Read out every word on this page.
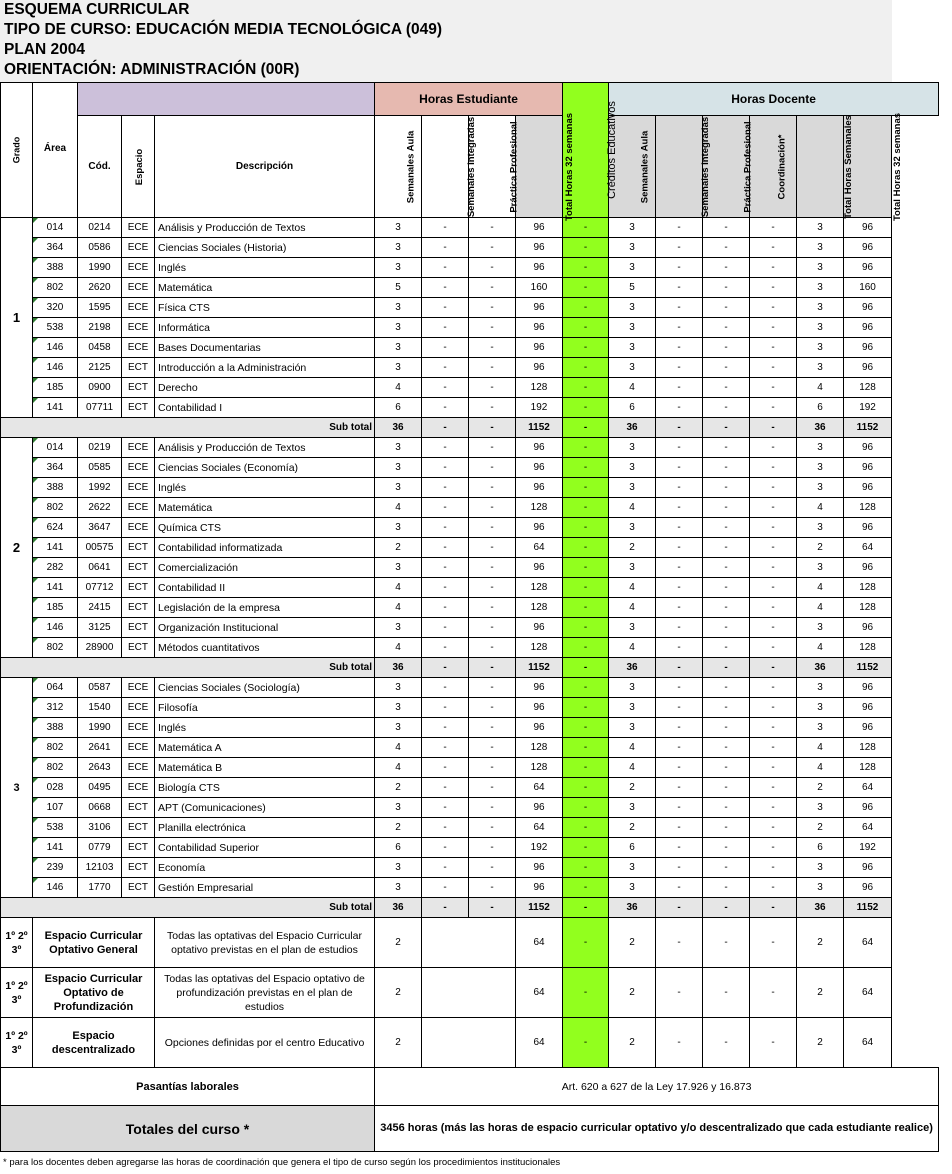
ESQUEMA CURRICULAR
TIPO DE CURSO: EDUCACIÓN MEDIA TECNOLÓGICA (049)
PLAN 2004
ORIENTACIÓN: ADMINISTRACIÓN (00R)
Grado	Área				Horas Estudiante				Créditos Educativos	Horas Docente					
		Cód.	Espacio	Descripción	Semanales Aula	Semanales Integradas	Práctica Profesional	Total Horas 32 semanas		Semanales Aula	Semanales Integradas	Práctica Profesional	Coordinación*	Total Horas Semanales	Total Horas 32 semanas
1	014	0214	ECE	Análisis y Producción de Textos	3	-	-	96	-	3	-	-	-	3	96
	364	0586	ECE	Ciencias Sociales (Historia)	3	-	-	96	-	3	-	-	-	3	96
	388	1990	ECE	Inglés	3	-	-	96	-	3	-	-	-	3	96
	802	2620	ECE	Matemática	5	-	-	160	-	5	-	-	-	3	160
	320	1595	ECE	Física CTS	3	-	-	96	-	3	-	-	-	3	96
	538	2198	ECE	Informática	3	-	-	96	-	3	-	-	-	3	96
	146	0458	ECE	Bases Documentarias	3	-	-	96	-	3	-	-	-	3	96
	146	2125	ECT	Introducción a la Administración	3	-	-	96	-	3	-	-	-	3	96
	185	0900	ECT	Derecho	4	-	-	128	-	4	-	-	-	4	128
	141	07711	ECT	Contabilidad I	6	-	-	192	-	6	-	-	-	6	192
Sub total					36	-	-	1152	-	36	-	-	-	36	1152
2	014	0219	ECE	Análisis y Producción de Textos	3	-	-	96	-	3	-	-	-	3	96
	364	0585	ECE	Ciencias Sociales (Economía)	3	-	-	96	-	3	-	-	-	3	96
	388	1992	ECE	Inglés	3	-	-	96	-	3	-	-	-	3	96
	802	2622	ECE	Matemática	4	-	-	128	-	4	-	-	-	4	128
	624	3647	ECE	Química CTS	3	-	-	96	-	3	-	-	-	3	96
	141	00575	ECT	Contabilidad informatizada	2	-	-	64	-	2	-	-	-	2	64
	282	0641	ECT	Comercialización	3	-	-	96	-	3	-	-	-	3	96
	141	07712	ECT	Contabilidad II	4	-	-	128	-	4	-	-	-	4	128
	185	2415	ECT	Legislación de la empresa	4	-	-	128	-	4	-	-	-	4	128
	146	3125	ECT	Organización Institucional	3	-	-	96	-	3	-	-	-	3	96
	802	28900	ECT	Métodos cuantitativos	4	-	-	128	-	4	-	-	-	4	128
Sub total					36	-	-	1152	-	36	-	-	-	36	1152
3	064	0587	ECE	Ciencias Sociales (Sociología)	3	-	-	96	-	3	-	-	-	3	96
	312	1540	ECE	Filosofía	3	-	-	96	-	3	-	-	-	3	96
	388	1990	ECE	Inglés	3	-	-	96	-	3	-	-	-	3	96
	802	2641	ECE	Matemática A	4	-	-	128	-	4	-	-	-	4	128
	802	2643	ECE	Matemática B	4	-	-	128	-	4	-	-	-	4	128
	028	0495	ECE	Biología CTS	2	-	-	64	-	2	-	-	-	2	64
	107	0668	ECT	APT (Comunicaciones)	3	-	-	96	-	3	-	-	-	3	96
	538	3106	ECT	Planilla electrónica	2	-	-	64	-	2	-	-	-	2	64
	141	0779	ECT	Contabilidad Superior	6	-	-	192	-	6	-	-	-	6	192
	239	12103	ECT	Economía	3	-	-	96	-	3	-	-	-	3	96
	146	1770	ECT	Gestión Empresarial	3	-	-	96	-	3	-	-	-	3	96
Sub total					36	-	-	1152	-	36	-	-	-	36	1152
1º 2º 3º	Espacio Curricular Optativo General			Todas las optativas del Espacio Curricular optativo previstas en el plan de estudios	2			64	-	2	-	-	-	2	64
1º 2º 3º	Espacio Curricular Optativo de Profundización			Todas las optativas del Espacio optativo de profundización previstas en el plan de estudios	2			64	-	2	-	-	-	2	64
1º 2º 3º	Espacio descentralizado			Opciones definidas por el centro Educativo	2			64	-	2	-	-	-	2	64
Pasantías laborales					Art. 620 a 627 de la Ley 17.926 y 16.873										
Totales del curso *					3456 horas (más las horas de espacio curricular optativo y/o descentralizado que cada estudiante realice)										
* para los docentes deben agregarse las horas de coordinación que genera el tipo de curso según los procedimientos institucionales
